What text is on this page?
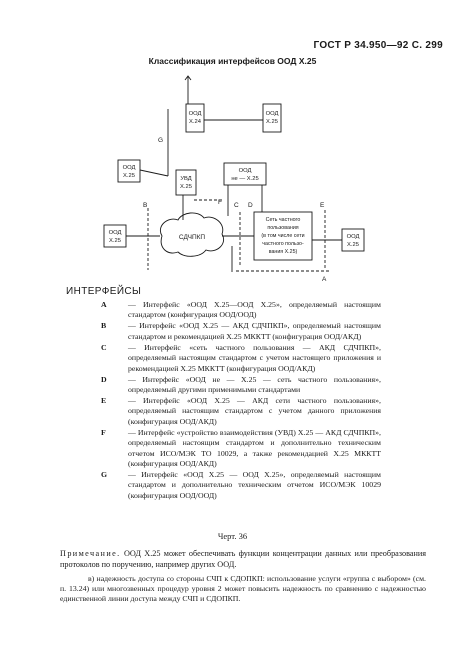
ГОСТ Р 34.950—92 С. 299
Классификация интерфейсов ООД Х.25
ООД
Х.24
ООД
Х.25
ООД
Х.25	УВД
Х.25
ООД
не — Х.25
ООД
Х.25
ООД
Х.25
Сеть частного
пользования
(в том числе сети
частного пользо-
вания Х.25)
СДЧПКП
G
F
B	C D	E
A
ИНТЕРФЕЙСЫ
A	— Интерфейс «ООД Х.25—ООД Х.25», определяемый настоящим стандартом (конфигурация ООД/ООД)
B	— Интерфейс «ООД Х.25 — АКД СДЧПКП», определяемый настоящим стандартом и рекомендацией Х.25 МККТТ (конфигурация ООД/АКД)
C	— Интерфейс «сеть частного пользования — АКД СДЧПКП», определяемый настоящим стандартом с учетом настоящего приложения и рекомендацией Х.25 МККТТ (конфигурация ООД/АКД)
D	— Интерфейс «ООД не — Х.25 — сеть частного пользования», определяемый другими применимыми стандартами
E	— Интерфейс «ООД Х.25 — АКД сети частного пользования», определяемый настоящим стандартом с учетом данного приложения (конфигурация ООД/АКД)
F	— Интерфейс «устройство взаимодействия (УВД) Х.25 — АКД СДЧПКП», определяемый настоящим стандартом и дополнительно техническим отчетом ИСО/МЭК ТО 10029, а также рекомендацией Х.25 МККТТ (конфигурация ООД/АКД)
G	— Интерфейс «ООД Х.25 — ООД Х.25», определяемый настоящим стандартом и дополнительно техническим отчетом ИСО/МЭК 10029 (конфигурация ООД/ООД)
Черт. 36

Примечание. ООД Х.25 может обеспечивать функции концентрации данных или преобразования протоколов по поручению, например других ООД.

в) надежность доступа со стороны СЧП к СДОПКП: использование услуги «группа с выбором» (см. п. 13.24) или многозвенных процедур уровня 2 может повысить надежность по сравнению с надежностью единственной линии доступа между СЧП и СДОПКП.
